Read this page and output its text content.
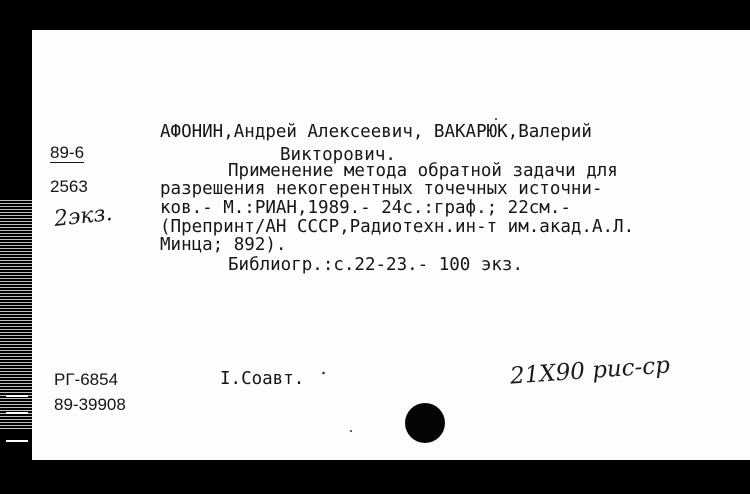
89-6
2563
2экз.
АФОНИН,Андрей Алексеевич, ВАКАРЮК,Валерий
Викторович.
Применение метода обратной задачи для
разрешения некогерентных точечных источни-
ков.- М.:РИАН,1989.- 24с.:граф.; 22см.-
(Препринт/АН СССР,Радиотехн.ин-т им.акад.А.Л.
Минца; 892).
Библиогр.:с.22-23.- 100 экз.
РГ-6854
89-39908
I.Соавт.	21Х90 рис-ср
